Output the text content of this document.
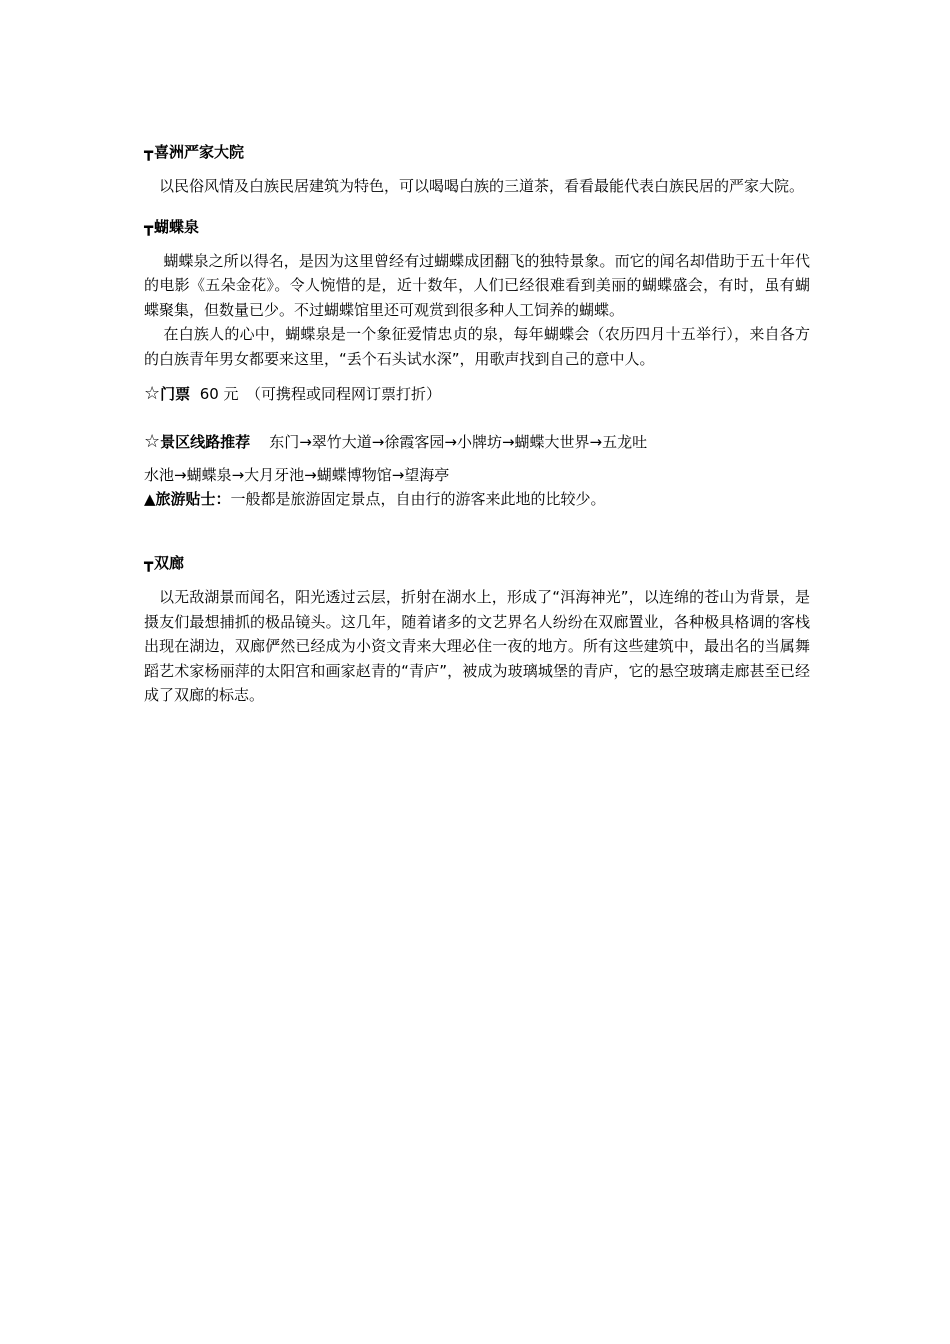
┳喜洲严家大院

以民俗风情及白族民居建筑为特色，可以喝喝白族的三道茶，看看最能代表白族民居的严家大院。

┳蝴蝶泉

蝴蝶泉之所以得名，是因为这里曾经有过蝴蝶成团翻飞的独特景象。而它的闻名却借助于五十年代的电影《五朵金花》。令人惋惜的是，近十数年，人们已经很难看到美丽的蝴蝶盛会，有时，虽有蝴蝶聚集，但数量已少。不过蝴蝶馆里还可观赏到很多种人工饲养的蝴蝶。

在白族人的心中，蝴蝶泉是一个象征爱情忠贞的泉，每年蝴蝶会（农历四月十五举行），来自各方的白族青年男女都要来这里，“丢个石头试水深”，用歌声找到自己的意中人。

☆门票 60 元　（可携程或同程网订票打折）

☆景区线路推荐 东门→翠竹大道→徐霞客园→小牌坊→蝴蝶大世界→五龙吐

水池→蝴蝶泉→大月牙池→蝴蝶博物馆→望海亭

▲旅游贴士：一般都是旅游固定景点，自由行的游客来此地的比较少。

┳双廊

以无敌湖景而闻名，阳光透过云层，折射在湖水上，形成了“洱海神光”，以连绵的苍山为背景，是摄友们最想捕抓的极品镜头。这几年，随着诸多的文艺界名人纷纷在双廊置业，各种极具格调的客栈出现在湖边，双廊俨然已经成为小资文青来大理必住一夜的地方。所有这些建筑中，最出名的当属舞蹈艺术家杨丽萍的太阳宫和画家赵青的“青庐”，被成为玻璃城堡的青庐，它的悬空玻璃走廊甚至已经成了双廊的标志。
